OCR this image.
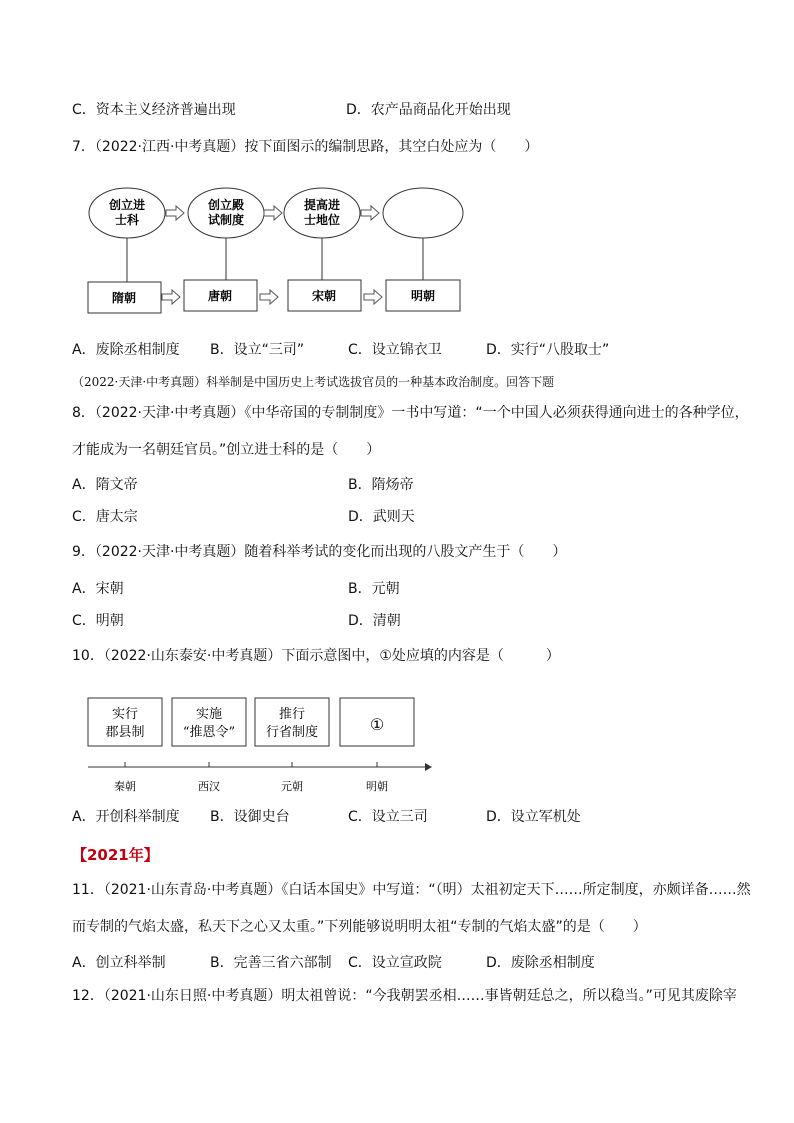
C．资本主义经济普遍出现	D．农产品商品化开始出现
7．（2022·江西·中考真题）按下面图示的编制思路，其空白处应为（　　）
创立进
士科
创立殿
试制度
提高进
士地位
隋朝	唐朝	宋朝	明朝
A．废除丞相制度 B．设立“三司”	C．设立锦衣卫	D．实行“八股取士”
（2022·天津·中考真题）科举制是中国历史上考试选拔官员的一种基本政治制度。回答下题
8．（2022·天津·中考真题）《中华帝国的专制制度》一书中写道：“一个中国人必须获得通向进士的各种学位，
才能成为一名朝廷官员。”创立进士科的是（　　）
A．隋文帝	B．隋炀帝
C．唐太宗	D．武则天
9．（2022·天津·中考真题）随着科举考试的变化而出现的八股文产生于（　　）
A．宋朝	B．元朝
C．明朝	D．清朝
10．（2022·山东泰安·中考真题）下面示意图中，①处应填的内容是（　　　）
实行
郡县制
实施
“推恩令”
推行
行省制度	①
秦朝	西汉	元朝	明朝
A．开创科举制度 B．设御史台	C．设立三司	D．设立军机处
【2021年】
11．（2021·山东青岛·中考真题）《白话本国史》中写道：“（明）太祖初定天下……所定制度，亦颇详备……然
而专制的气焰太盛，私天下之心又太重。”下列能够说明明太祖“专制的气焰太盛”的是（　　）
A．创立科举制	B．完善三省六部制 C．设立宣政院	D．废除丞相制度
12．（2021·山东日照·中考真题）明太祖曾说：“今我朝罢丞相……事皆朝廷总之，所以稳当。”可见其废除宰
